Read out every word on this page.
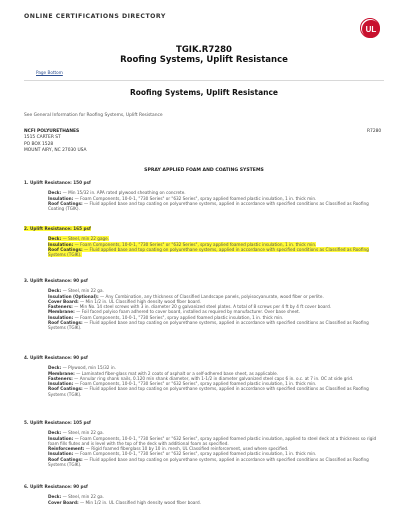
ONLINE CERTIFICATIONS DIRECTORY
UL
TGIK.R7280
Roofing Systems, Uplift Resistance
Page Bottom
Roofing Systems, Uplift Resistance
See General Information for Roofing Systems, Uplift Resistance
NCFI POLYURETHANES
1515 CARTER ST
PO BOX 1528
MOUNT AIRY, NC 27030 USA
R7280
SPRAY APPLIED FOAM AND COATING SYSTEMS
1. Uplift Resistance: 150 psf
Deck: — Min 15/32 in. APA rated plywood sheathing on concrete.
Insulation: — Foam Components, 10-0-1, "730 Series" or "632 Series", spray applied foamed plastic insulation, 1 in. thick min.
Roof Coatings: — Fluid applied base and top coating on polyurethane systems, applied in accordance with specified conditions as Classified as Roofing Coating (TGIK).
2. Uplift Resistance: 165 psf
Deck: — Steel, min 22 gage.
Insulation: — Foam Components, 10-0-1, "730 Series" or "632 Series", spray applied foamed plastic insulation, 1 in. thick min.
Roof Coatings: — Fluid applied base and top coating on polyurethane systems, applied in accordance with specified conditions as Classified as Roofing Systems (TGIK).
3. Uplift Resistance: 90 psf
Deck: — Steel, min 22 ga.
Insulation (Optional): — Any Combination, any thickness of Classified Landscape panels, polyisocyanurate, wood fiber or perlite.
Cover Board: — Min 1/2 in. UL Classified high density wood fiber board.
Fasteners: — Min No. 14 steel screws with 3 in. diameter 20 g galvanized steel plates. A total of 8 screws per 4 ft by 4 ft cover board.
Membrane: — Foil faced polyiso foam adhered to cover board, installed as required by manufacturer. Over base sheet.
Insulation: — Foam Components, 10-0-1, "730 Series", spray applied foamed plastic insulation, 1 in. thick min.
Roof Coatings: — Fluid applied base and top coating on polyurethane systems, applied in accordance with specified conditions as Classified as Roofing Systems (TGIK).
4. Uplift Resistance: 90 psf
Deck: — Plywood, min 15/32 in.
Membrane: — Laminated fiber-glass mat with 2 coats of asphalt or a self-adhered base sheet, as applicable.
Fasteners: — Annular ring shank nails, 0.120 min shank diameter, with 1-1/2 in diameter galvanized steel caps 6 in. o.c. at 7 in. OC at side grid.
Insulation: — Foam Components, 10-0-1, "730 Series" or "632 Series", spray applied foamed plastic insulation, 1 in. thick min.
Roof Coatings: — Fluid applied base and top coating on polyurethane systems, applied in accordance with specified conditions as Classified as Roofing Systems (TGIK).
5. Uplift Resistance: 105 psf
Deck: — Steel, min 22 ga.
Insulation: — Foam Components, 10-0-1, "730 Series" or "632 Series", spray applied foamed plastic insulation, applied to steel deck at a thickness so rigid foam fills flutes and is level with the top of the deck with additional foam as specified.
Reinforcement: — Rigid foamed fiberglass 10 by 10 in. mesh, UL Classified reinforcement, used where specified.
Insulation: — Foam Components, 10-0-1, "730 Series" or "632 Series", spray applied foamed plastic insulation, 1 in. thick min.
Roof Coatings: — Fluid applied base and top coating on polyurethane systems, applied in accordance with specified conditions as Classified as Roofing Systems (TGIK).
6. Uplift Resistance: 90 psf
Deck: — Steel, min 22 ga.
Cover Board: — Min 1/2 in. UL Classified high density wood fiber board.
